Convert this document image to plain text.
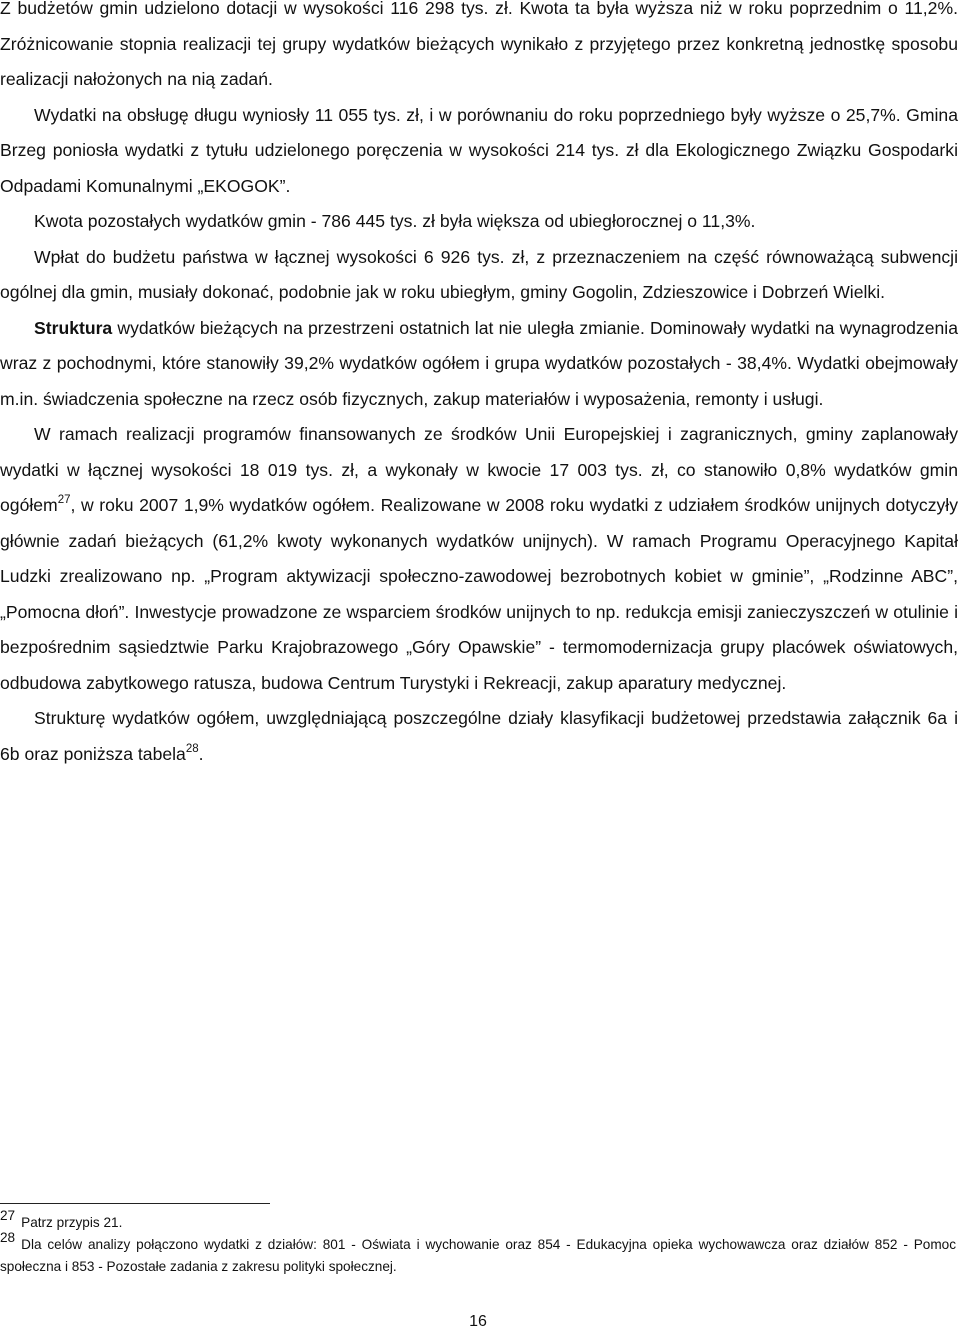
Z budżetów gmin udzielono dotacji w wysokości 116 298 tys. zł. Kwota ta była wyższa niż w roku poprzednim o 11,2%. Zróżnicowanie stopnia realizacji tej grupy wydatków bieżących wynikało z przyjętego przez konkretną jednostkę sposobu realizacji nałożonych na nią zadań.

Wydatki na obsługę długu wyniosły 11 055 tys. zł, i w porównaniu do roku poprzedniego były wyższe o 25,7%. Gmina Brzeg poniosła wydatki z tytułu udzielonego poręczenia w wysokości 214 tys. zł dla Ekologicznego Związku Gospodarki Odpadami Komunalnymi „EKOGOK”.

Kwota pozostałych wydatków gmin - 786 445 tys. zł była większa od ubiegłorocznej o 11,3%.

Wpłat do budżetu państwa w łącznej wysokości 6 926 tys. zł, z przeznaczeniem na część równoważącą subwencji ogólnej dla gmin, musiały dokonać, podobnie jak w roku ubiegłym, gminy Gogolin, Zdzieszowice i Dobrzeń Wielki.

Struktura wydatków bieżących na przestrzeni ostatnich lat nie uległa zmianie. Dominowały wydatki na wynagrodzenia wraz z pochodnymi, które stanowiły 39,2% wydatków ogółem i grupa wydatków pozostałych - 38,4%. Wydatki obejmowały m.in. świadczenia społeczne na rzecz osób fizycznych, zakup materiałów i wyposażenia, remonty i usługi.

W ramach realizacji programów finansowanych ze środków Unii Europejskiej i zagranicznych, gminy zaplanowały wydatki w łącznej wysokości 18 019 tys. zł, a wykonały w kwocie 17 003 tys. zł, co stanowiło 0,8% wydatków gmin ogółem$^{27}$, w roku 2007 1,9% wydatków ogółem. Realizowane w 2008 roku wydatki z udziałem środków unijnych dotyczyły głównie zadań bieżących (61,2% kwoty wykonanych wydatków unijnych). W ramach Programu Operacyjnego Kapitał Ludzki zrealizowano np. „Program aktywizacji społeczno-zawodowej bezrobotnych kobiet w gminie”, „Rodzinne ABC”, „Pomocna dłoń”. Inwestycje prowadzone ze wsparciem środków unijnych to np. redukcja emisji zanieczyszczeń w otulinie i bezpośrednim sąsiedztwie Parku Krajobrazowego „Góry Opawskie” - termomodernizacja grupy placówek oświatowych, odbudowa zabytkowego ratusza, budowa Centrum Turystyki i Rekreacji, zakup aparatury medycznej.

Strukturę wydatków ogółem, uwzględniającą poszczególne działy klasyfikacji budżetowej przedstawia załącznik 6a i 6b oraz poniższa tabela$^{28}$.

27 Patrz przypis 21.

28 Dla celów analizy połączono wydatki z działów: 801 - Oświata i wychowanie oraz 854 - Edukacyjna opieka wychowawcza oraz działów 852 - Pomoc społeczna i 853 - Pozostałe zadania z zakresu polityki społecznej.

16
